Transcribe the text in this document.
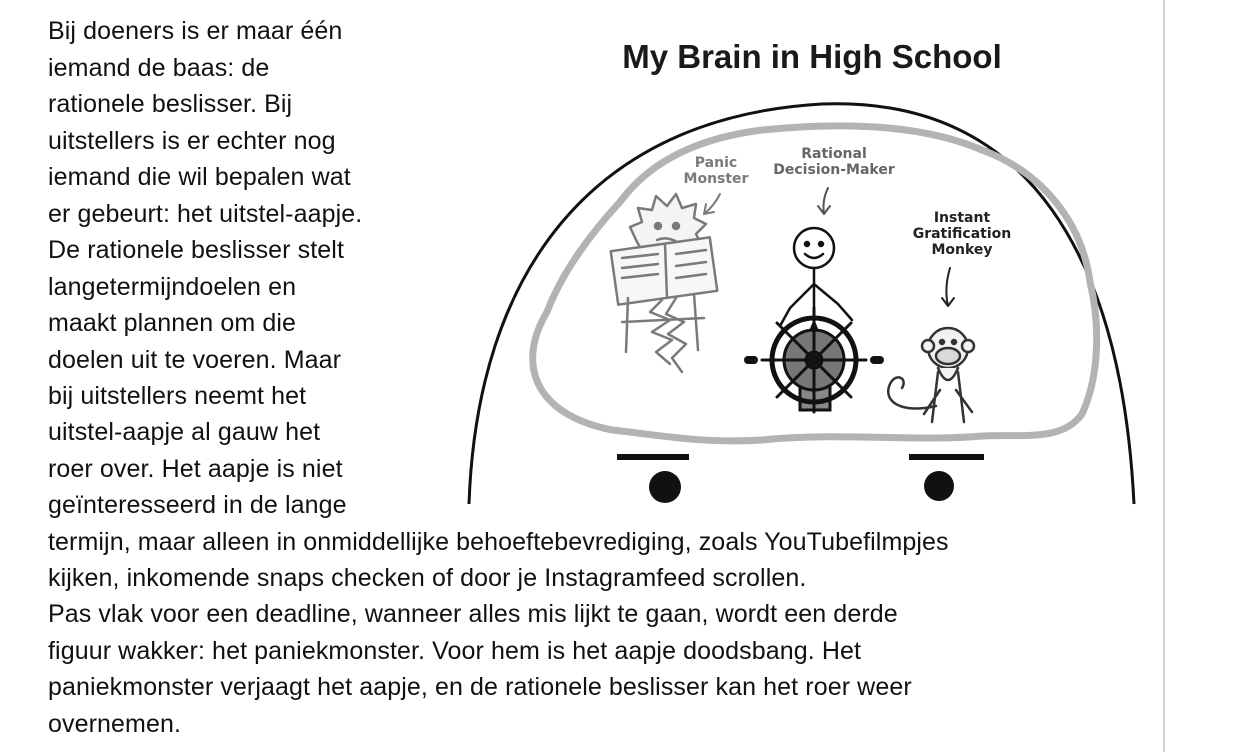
Bij doeners is er maar één
iemand de baas: de
rationele beslisser. Bij
uitstellers is er echter nog
iemand die wil bepalen wat
er gebeurt: het uitstel-aapje.
De rationele beslisser stelt
langetermijndoelen en
maakt plannen om die
doelen uit te voeren. Maar
bij uitstellers neemt het
uitstel-aapje al gauw het
roer over. Het aapje is niet
geïnteresseerd in de lange
termijn, maar alleen in onmiddellijke behoeftebevrediging, zoals YouTubefilmpjes
kijken, inkomende snaps checken of door je Instagramfeed scrollen.
Pas vlak voor een deadline, wanneer alles mis lijkt te gaan, wordt een derde
figuur wakker: het paniekmonster. Voor hem is het aapje doodsbang. Het
paniekmonster verjaagt het aapje, en de rationele beslisser kan het roer weer
overnemen.
My Brain in High School
Panic
Monster
Rational
Decision-Maker
Instant
Gratification
Monkey
